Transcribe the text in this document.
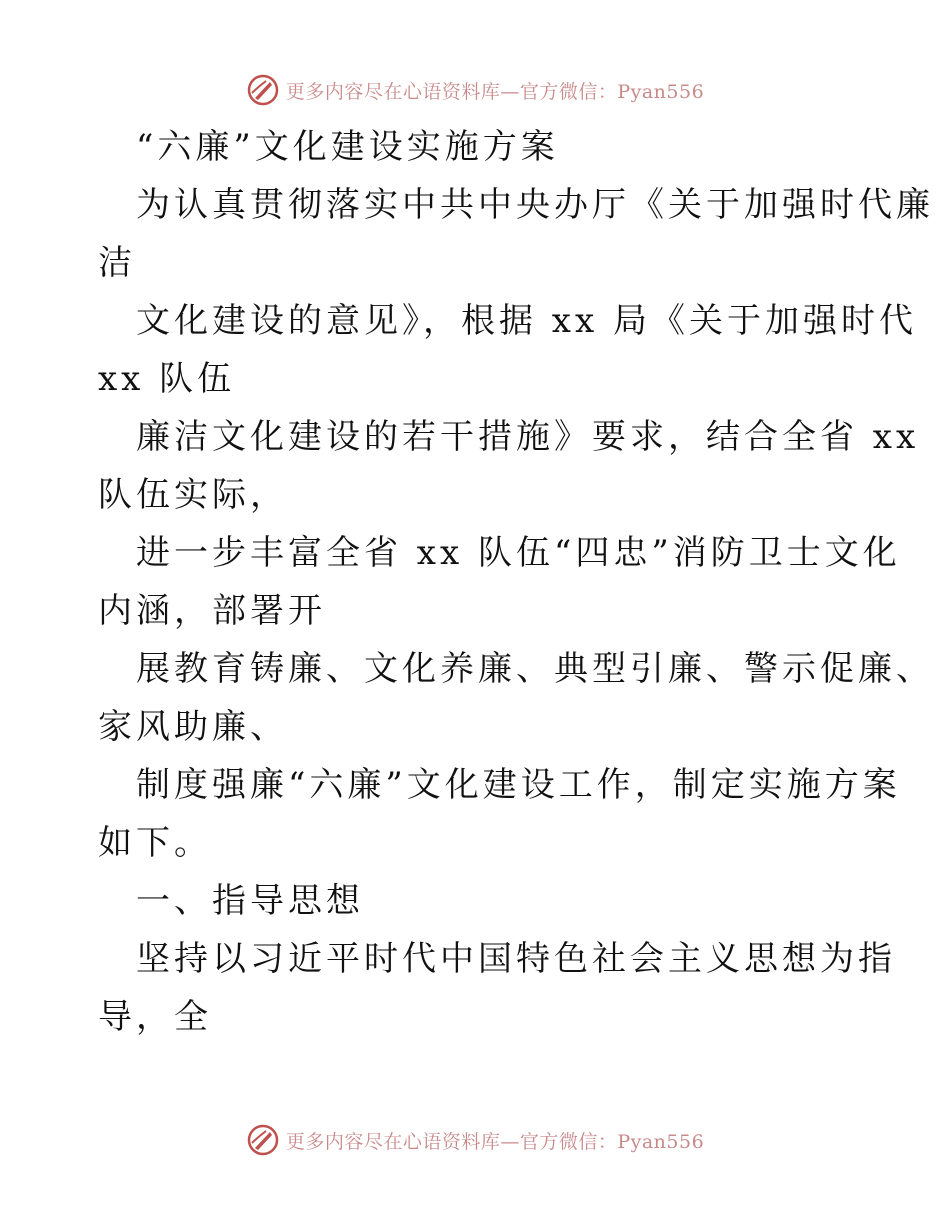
更多内容尽在心语资料库—官方微信：Pyan556
“六廉”文化建设实施方案
为认真贯彻落实中共中央办厅《关于加强时代廉
洁
文化建设的意见》，根据 xx 局《关于加强时代
xx 队伍
廉洁文化建设的若干措施》要求，结合全省 xx
队伍实际，
进一步丰富全省 xx 队伍“四忠”消防卫士文化
内涵，部署开
展教育铸廉、文化养廉、典型引廉、警示促廉、
家风助廉、
制度强廉“六廉”文化建设工作，制定实施方案
如下。
一、指导思想
坚持以习近平时代中国特色社会主义思想为指
导，全
更多内容尽在心语资料库—官方微信：Pyan556
